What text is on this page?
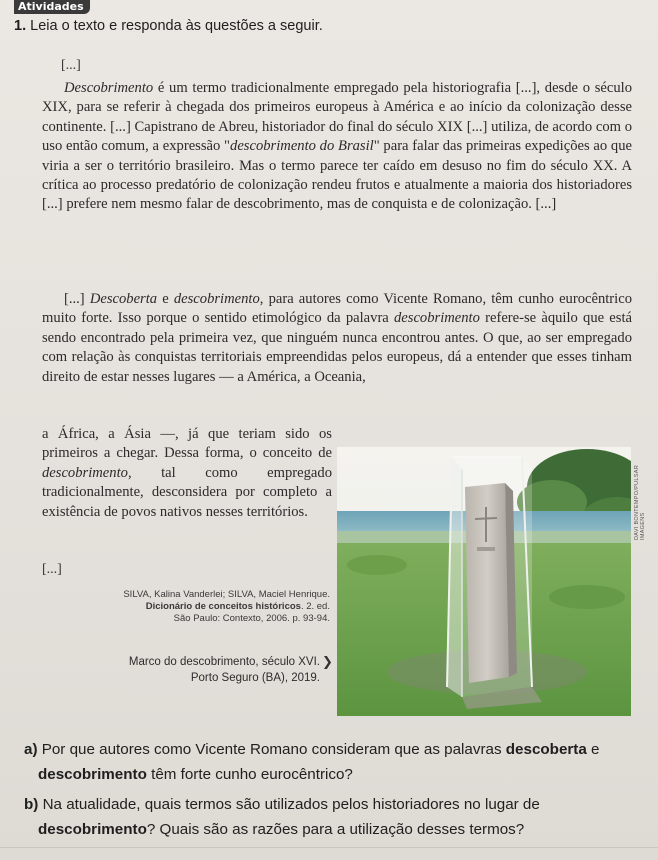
Atividades
1. Leia o texto e responda às questões a seguir.
[...]

Descobrimento é um termo tradicionalmente empregado pela historiografia [...], desde o século XIX, para se referir à chegada dos primeiros europeus à América e ao início da colonização desse continente. [...] Capistrano de Abreu, historiador do final do século XIX [...] utiliza, de acordo com o uso então comum, a expressão "descobrimento do Brasil" para falar das primeiras expedições ao que viria a ser o território brasileiro. Mas o termo parece ter caído em desuso no fim do século XX. A crítica ao processo predatório de colonização rendeu frutos e atualmente a maioria dos historiadores [...] prefere nem mesmo falar de descobrimento, mas de conquista e de colonização. [...]

[...] Descoberta e descobrimento, para autores como Vicente Romano, têm cunho eurocêntrico muito forte. Isso porque o sentido etimológico da palavra descobrimento refere-se àquilo que está sendo encontrado pela primeira vez, que ninguém nunca encontrou antes. O que, ao ser empregado com relação às conquistas territoriais empreendidas pelos europeus, dá a entender que esses tinham direito de estar nesses lugares — a América, a Oceania,

a África, a Ásia —, já que teriam sido os primeiros a chegar. Dessa forma, o conceito de descobrimento, tal como empregado tradicionalmente, desconsidera por completo a existência de povos nativos nesses territórios.

[...]
SILVA, Kalina Vanderlei; SILVA, Maciel Henrique.
Dicionário de conceitos históricos. 2. ed.
São Paulo: Contexto, 2006. p. 93-94.
Marco do descobrimento, século XVI.
Porto Seguro (BA), 2019.
❯
DAVI BONTEMPO/PULSAR IMAGENS
a) Por que autores como Vicente Romano consideram que as palavras descoberta e descobrimento têm forte cunho eurocêntrico?
b) Na atualidade, quais termos são utilizados pelos historiadores no lugar de descobrimento? Quais são as razões para a utilização desses termos?
